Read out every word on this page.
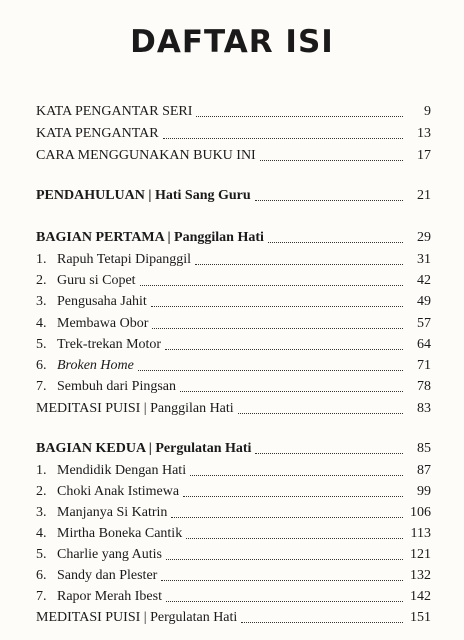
DAFTAR ISI
KATA PENGANTAR SERI	9
KATA PENGANTAR	13
CARA MENGGUNAKAN BUKU INI	17
PENDAHULUAN | Hati Sang Guru	21
BAGIAN PERTAMA | Panggilan Hati	29
1. Rapuh Tetapi Dipanggil	31
2. Guru si Copet	42
3. Pengusaha Jahit	49
4. Membawa Obor	57
5. Trek-trekan Motor	64
6. Broken Home	71
7. Sembuh dari Pingsan	78
MEDITASI PUISI | Panggilan Hati	83
BAGIAN KEDUA | Pergulatan Hati	85
1. Mendidik Dengan Hati	87
2. Choki Anak Istimewa	99
3. Manjanya Si Katrin	106
4. Mirtha Boneka Cantik	113
5. Charlie yang Autis	121
6. Sandy dan Plester	132
7. Rapor Merah Ibest	142
MEDITASI PUISI | Pergulatan Hati	151
